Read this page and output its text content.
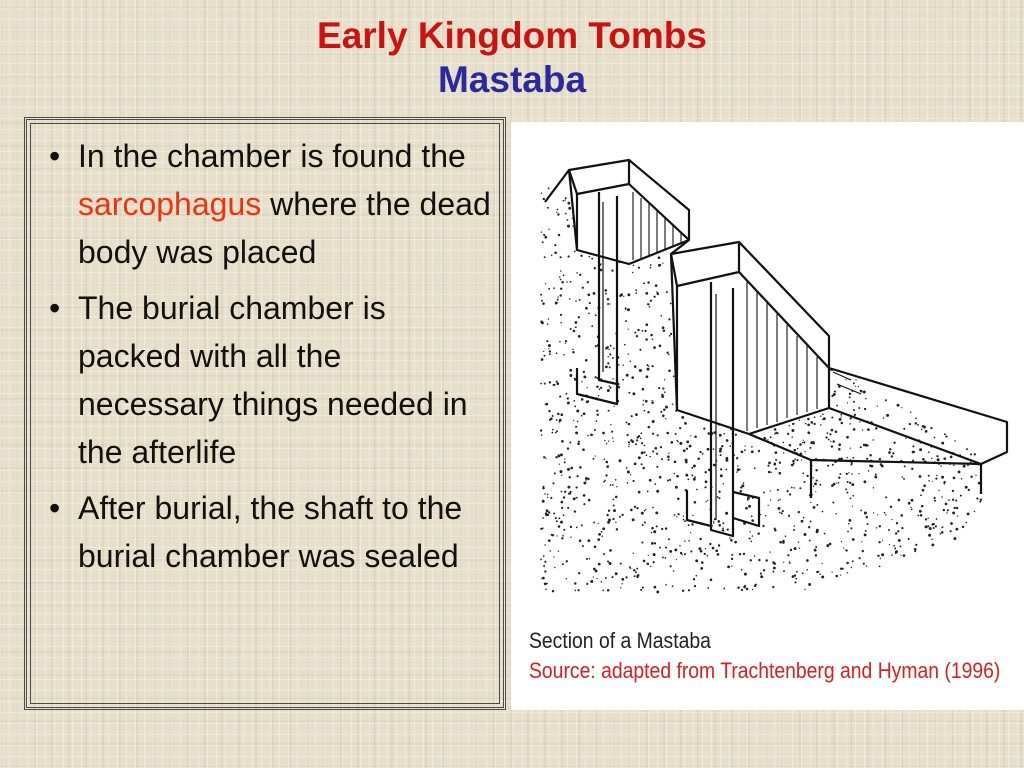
Early Kingdom Tombs
Mastaba
• In the chamber is found the sarcophagus where the dead body was placed
• The burial chamber is packed with all the necessary things needed in the afterlife
• After burial, the shaft to the burial chamber was sealed
Section of a Mastaba
Source: adapted from Trachtenberg and Hyman (1996)
